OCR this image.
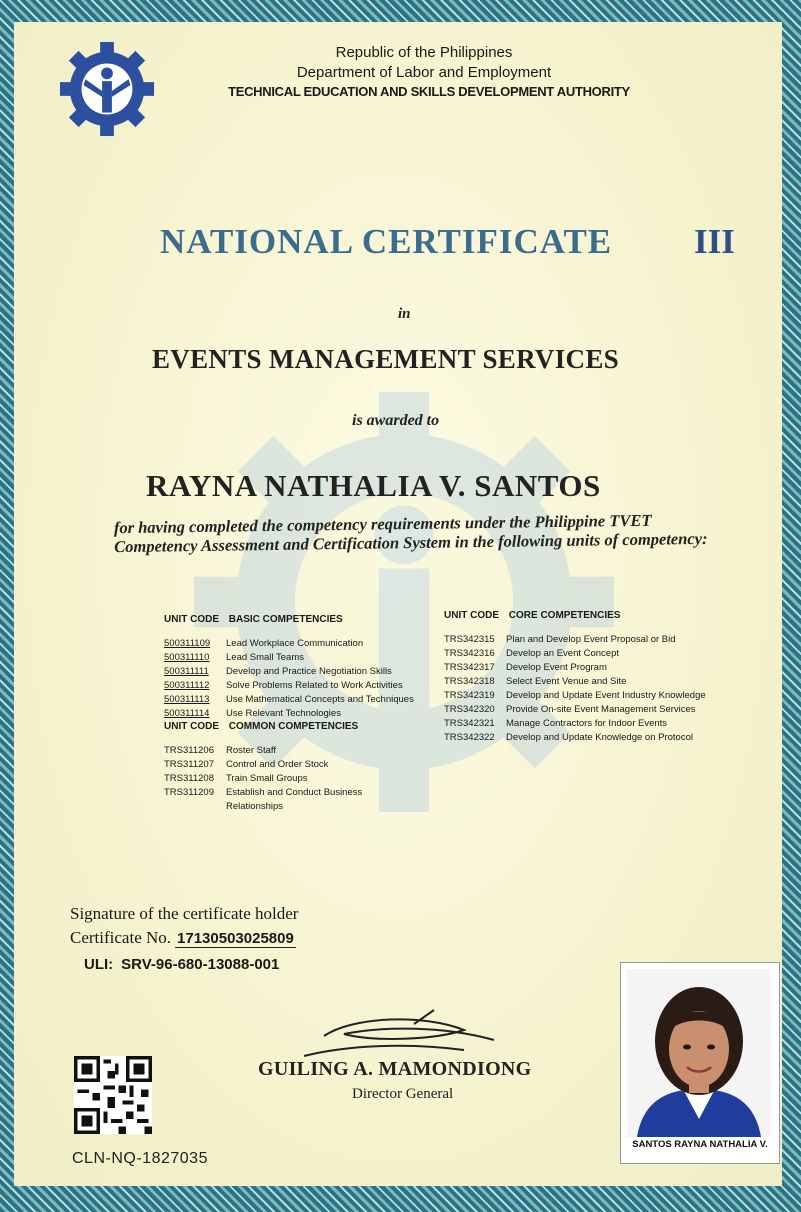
Republic of the Philippines
Department of Labor and Employment
TECHNICAL EDUCATION AND SKILLS DEVELOPMENT AUTHORITY
NATIONAL CERTIFICATE III
in
EVENTS MANAGEMENT SERVICES
is awarded to
RAYNA NATHALIA V. SANTOS
for having completed the competency requirements under the Philippine TVET Competency Assessment and Certification System in the following units of competency:
UNIT CODE BASIC COMPETENCIES
500311109 Lead Workplace Communication
500311110 Lead Small Teams
500311111 Develop and Practice Negotiation Skills
500311112 Solve Problems Related to Work Activities
500311113 Use Mathematical Concepts and Techniques
500311114 Use Relevant Technologies
UNIT CODE COMMON COMPETENCIES
TRS311206 Roster Staff
TRS311207 Control and Order Stock
TRS311208 Train Small Groups
TRS311209 Establish and Conduct Business
Relationships
UNIT CODE CORE COMPETENCIES
TRS342315 Plan and Develop Event Proposal or Bid
TRS342316 Develop an Event Concept
TRS342317 Develop Event Program
TRS342318 Select Event Venue and Site
TRS342319 Develop and Update Event Industry Knowledge
TRS342320 Provide On-site Event Management Services
TRS342321 Manage Contractors for Indoor Events
TRS342322 Develop and Update Knowledge on Protocol
Signature of the certificate holder
Certificate No. 17130503025809
ULI: SRV-96-680-13088-001
GUILING A. MAMONDIONG
Director General
CLN-NQ-1827035
SANTOS RAYNA NATHALIA V.
